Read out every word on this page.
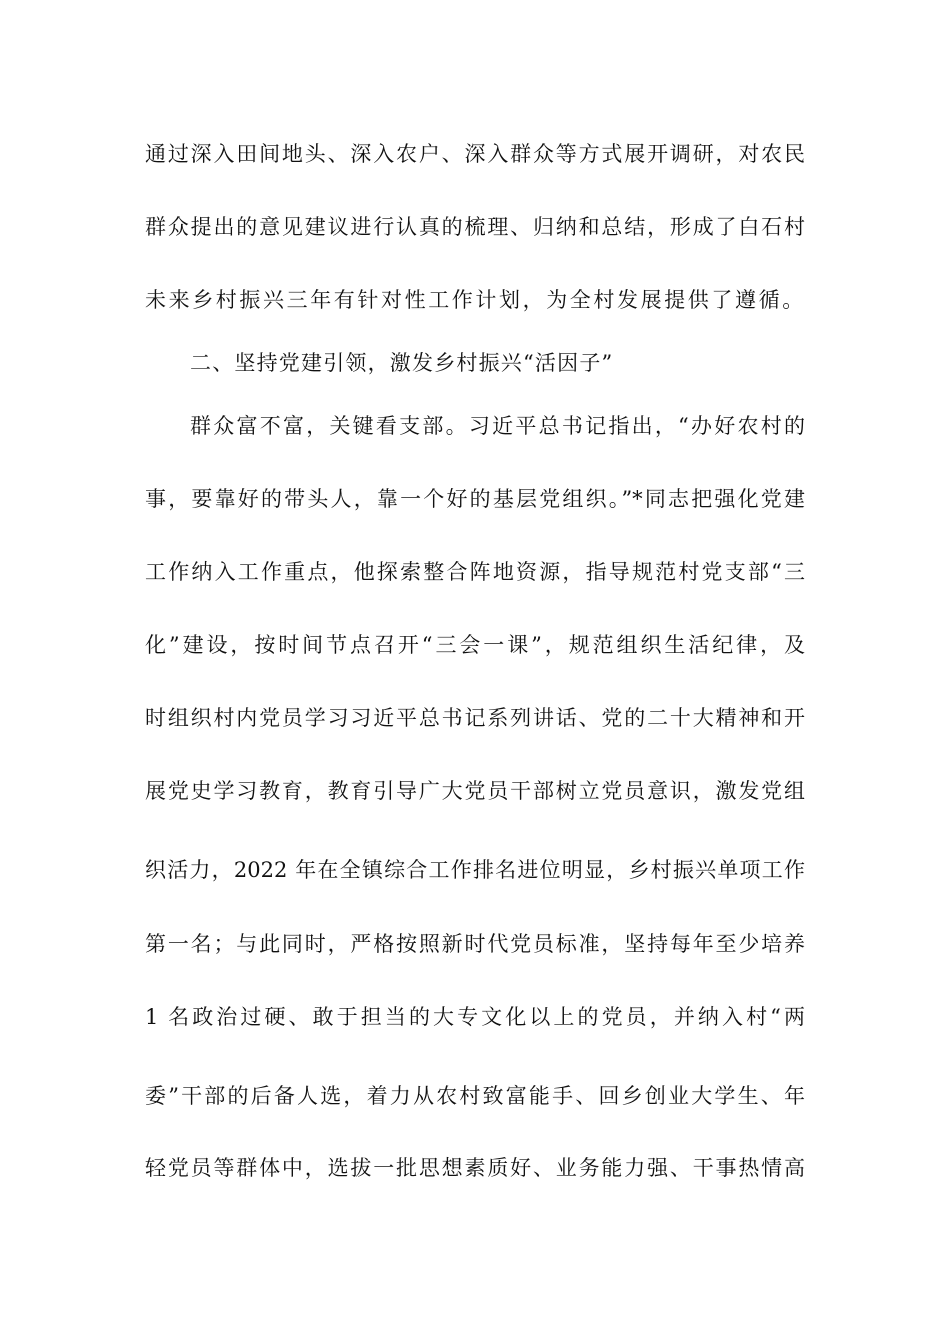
通过深入田间地头、深入农户、深入群众等方式展开调研，对农民
群众提出的意见建议进行认真的梳理、归纳和总结，形成了白石村
未来乡村振兴三年有针对性工作计划，为全村发展提供了遵循。
二、坚持党建引领，激发乡村振兴“活因子”
群众富不富，关键看支部。习近平总书记指出，“办好农村的
事，要靠好的带头人，靠一个好的基层党组织。”*同志把强化党建
工作纳入工作重点，他探索整合阵地资源，指导规范村党支部“三
化”建设，按时间节点召开“三会一课”，规范组织生活纪律，及
时组织村内党员学习习近平总书记系列讲话、党的二十大精神和开
展党史学习教育，教育引导广大党员干部树立党员意识，激发党组
织活力，2022 年在全镇综合工作排名进位明显，乡村振兴单项工作
第一名；与此同时，严格按照新时代党员标准，坚持每年至少培养
1 名政治过硬、敢于担当的大专文化以上的党员，并纳入村“两
委”干部的后备人选，着力从农村致富能手、回乡创业大学生、年
轻党员等群体中，选拔一批思想素质好、业务能力强、干事热情高
